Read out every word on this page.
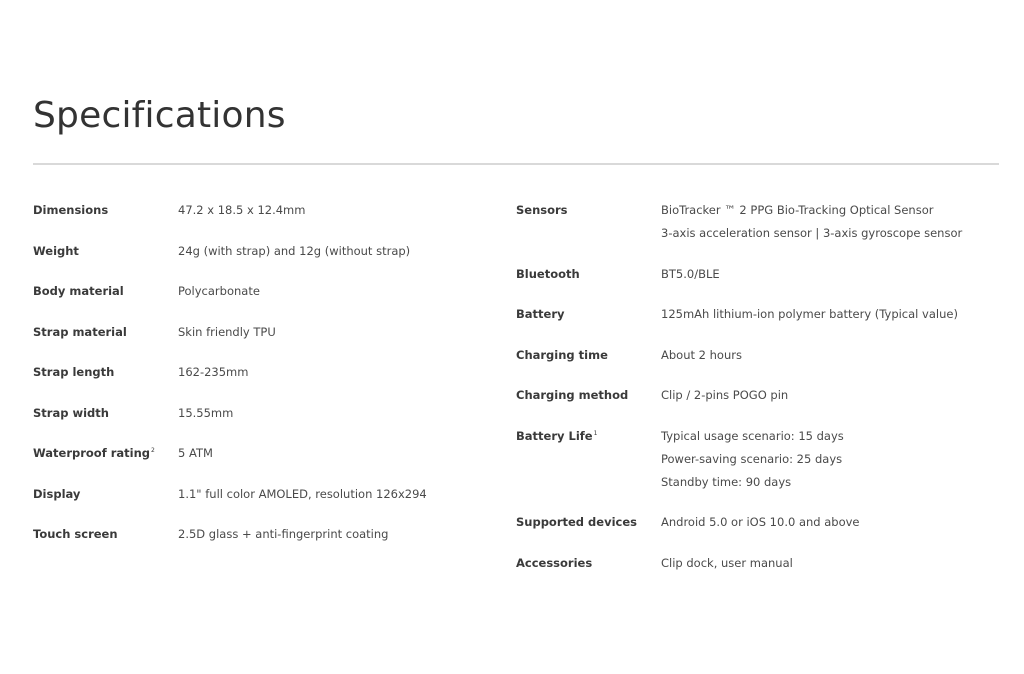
Specifications
Dimensions	47.2 x 18.5 x 12.4mm
Weight	24g (with strap) and 12g (without strap)
Body material	Polycarbonate
Strap material	Skin friendly TPU
Strap length	162-235mm
Strap width	15.55mm
Waterproof rating$^2$	5 ATM
Display	1.1" full color AMOLED, resolution 126x294
Touch screen	2.5D glass + anti-fingerprint coating
Sensors	BioTracker ™ 2 PPG Bio-Tracking Optical Sensor
3-axis acceleration sensor | 3-axis gyroscope sensor
Bluetooth	BT5.0/BLE
Battery	125mAh lithium-ion polymer battery (Typical value)
Charging time	About 2 hours
Charging method	Clip / 2-pins POGO pin
Battery Life$^1$	Typical usage scenario: 15 days
Power-saving scenario: 25 days
Standby time: 90 days
Supported devices	Android 5.0 or iOS 10.0 and above
Accessories	Clip dock, user manual
